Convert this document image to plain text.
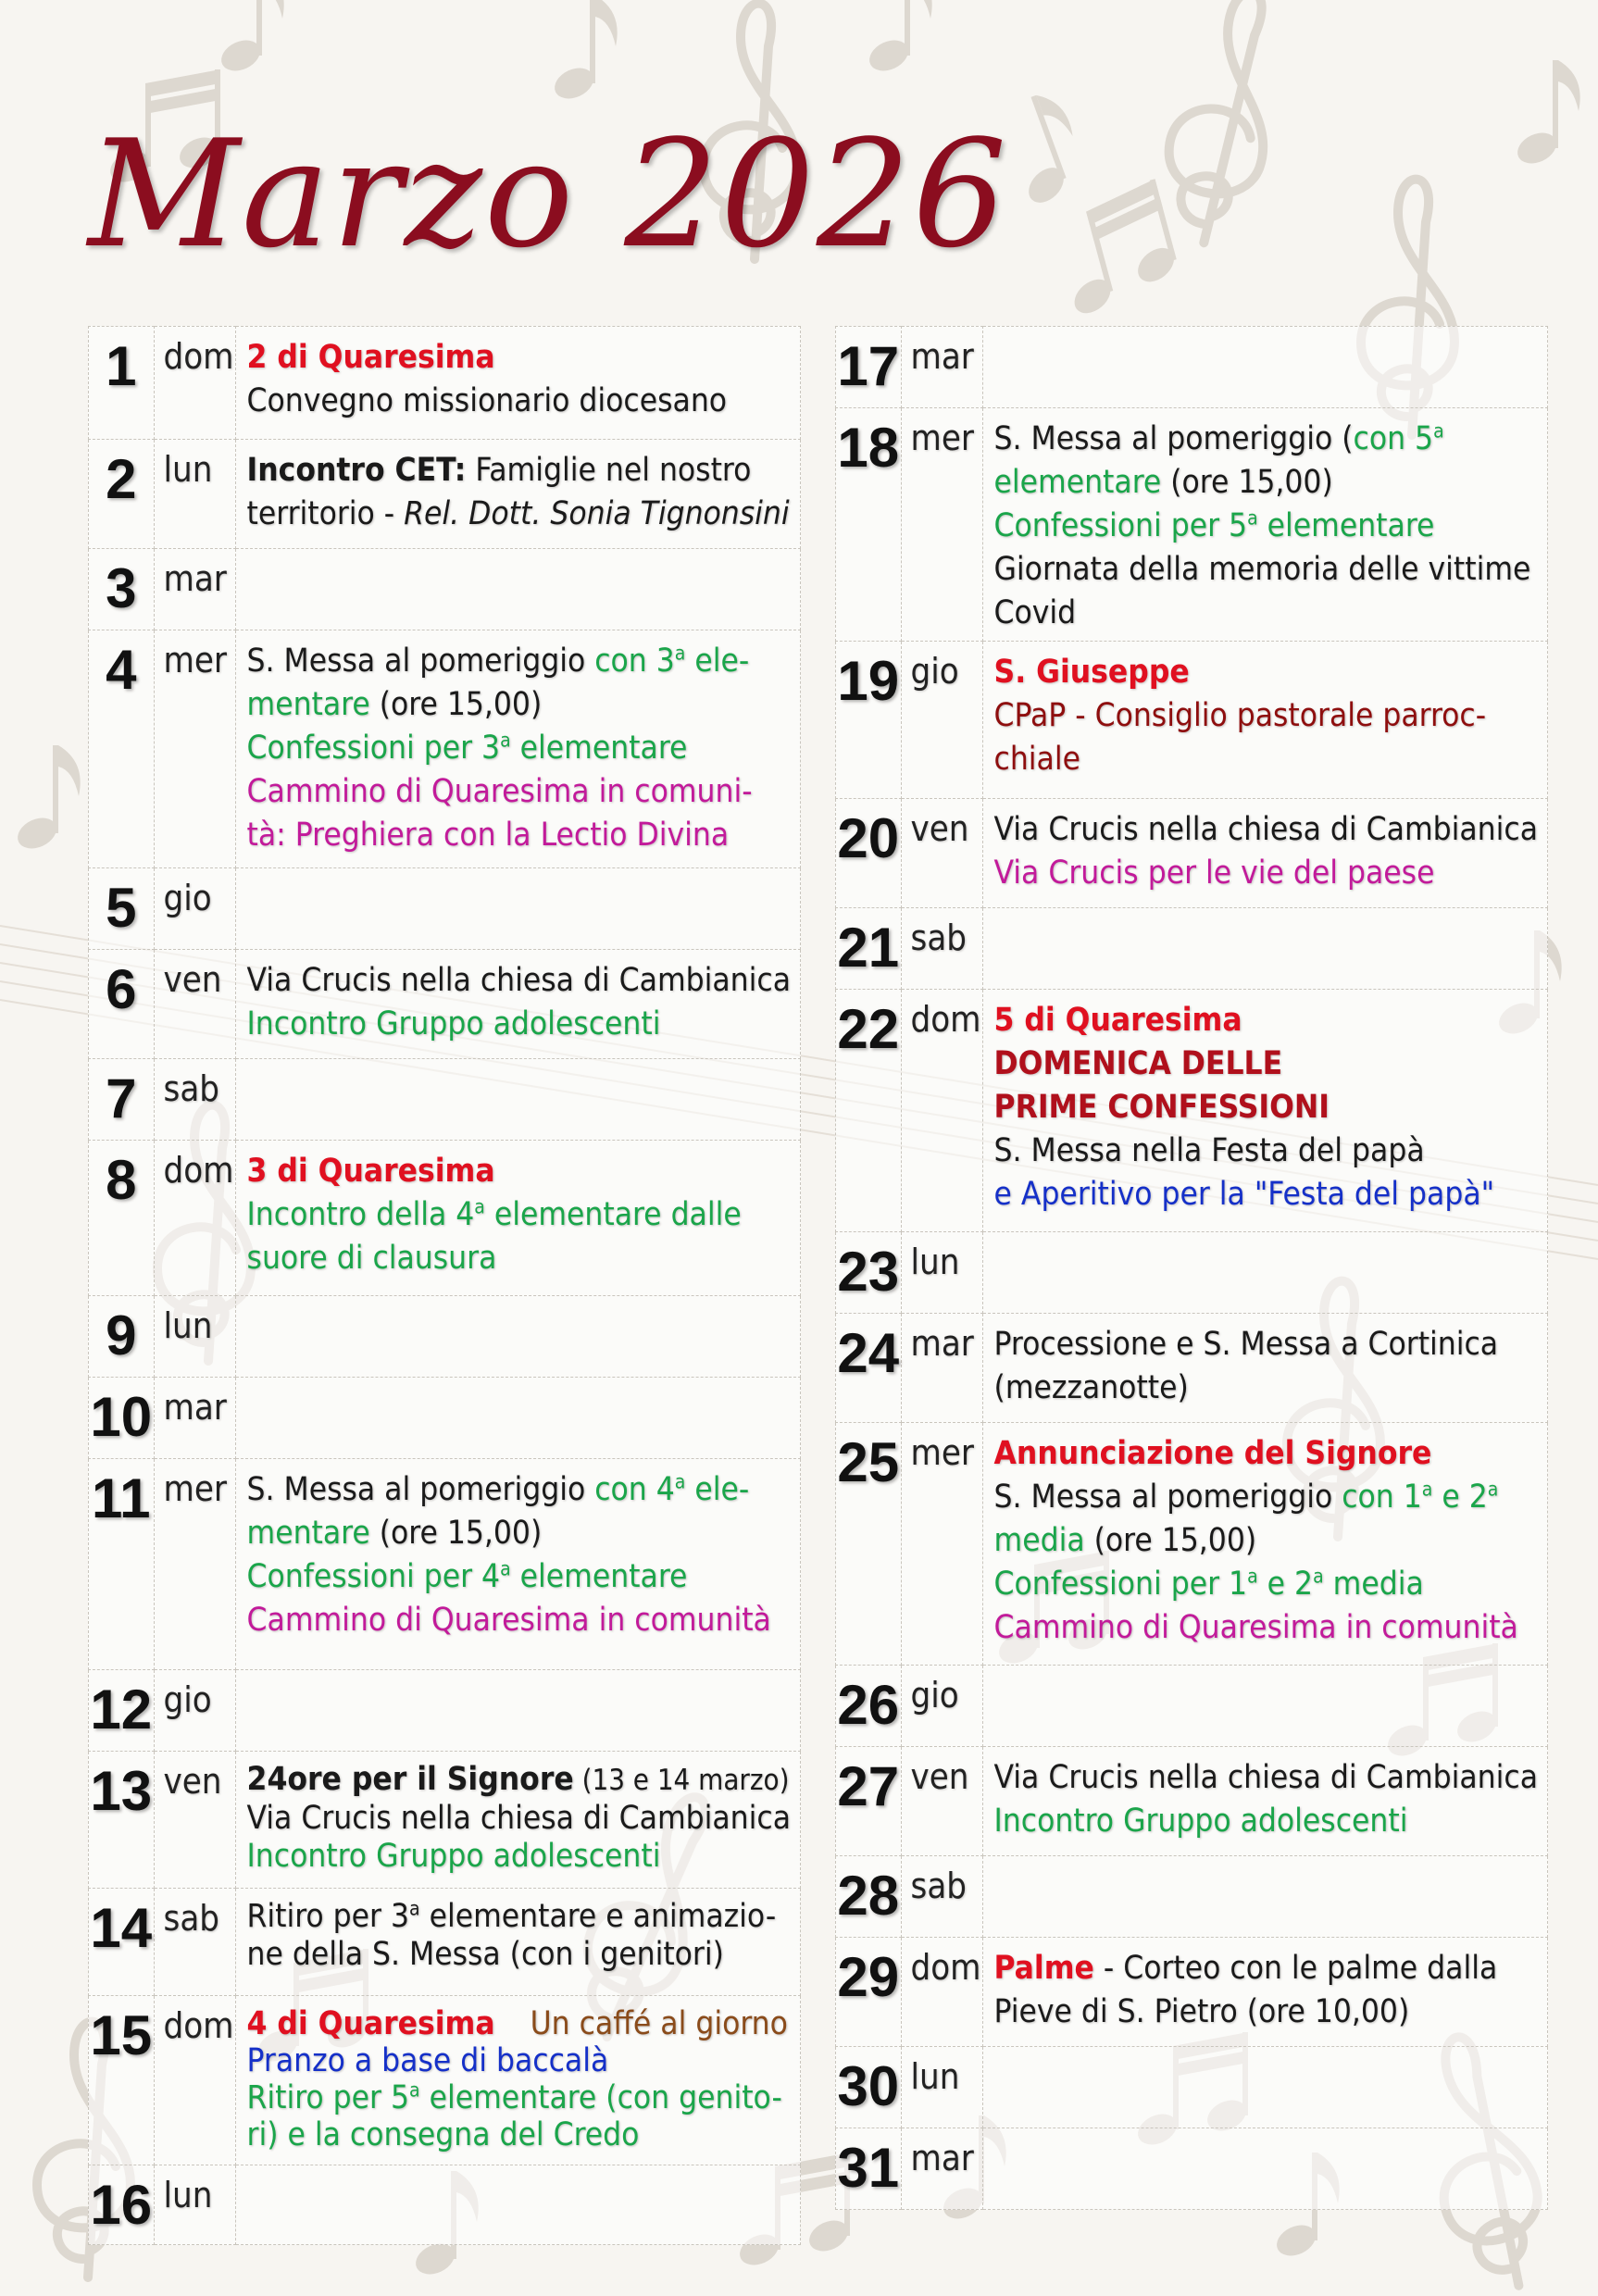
Marzo 2026
1	dom	2 di Quaresima
Convegno missionario diocesano

2	lun	Incontro CET: Famiglie nel nostro
territorio - Rel. Dott. Sonia Tignonsini

3	mar	
4	mer	S. Messa al pomeriggio con 3$^a$ ele-
mentare (ore 15,00)
Confessioni per 3$^a$ elementare
Cammino di Quaresima in comuni-
tà: Preghiera con la Lectio Divina

5	gio	
6	ven	Via Crucis nella chiesa di Cambianica
Incontro Gruppo adolescenti

7	sab	
8	dom	3 di Quaresima
Incontro della 4$^a$ elementare dalle
suore di clausura

9	lun	
10	mar	
11	mer	S. Messa al pomeriggio con 4$^a$ ele-
mentare (ore 15,00)
Confessioni per 4$^a$ elementare
Cammino di Quaresima in comunità

12	gio	
13	ven	24ore per il Signore (13 e 14 marzo)
Via Crucis nella chiesa di Cambianica
Incontro Gruppo adolescenti

14	sab	Ritiro per 3$^a$ elementare e animazio-
ne della S. Messa (con i genitori)

15	dom	4 di Quaresima Un caffé al giorno
Pranzo a base di baccalà
Ritiro per 5$^a$ elementare (con genito-
ri) e la consegna del Credo

16	lun	
17	mar	
18	mer	S. Messa al pomeriggio (con 5$^a$
elementare (ore 15,00)
Confessioni per 5$^a$ elementare
Giornata della memoria delle vittime
Covid

19	gio	S. Giuseppe
CPaP - Consiglio pastorale parroc-
chiale

20	ven	Via Crucis nella chiesa di Cambianica
Via Crucis per le vie del paese

21	sab	
22	dom	5 di Quaresima
DOMENICA DELLE
PRIME CONFESSIONI
S. Messa nella Festa del papà
e Aperitivo per la "Festa del papà"

23	lun	
24	mar	Processione e S. Messa a Cortinica
(mezzanotte)

25	mer	Annunciazione del Signore
S. Messa al pomeriggio con 1$^a$ e 2$^a$
media (ore 15,00)
Confessioni per 1$^a$ e 2$^a$ media
Cammino di Quaresima in comunità

26	gio	
27	ven	Via Crucis nella chiesa di Cambianica
Incontro Gruppo adolescenti

28	sab	
29	dom	Palme - Corteo con le palme dalla
Pieve di S. Pietro (ore 10,00)

30	lun	
31	mar	
